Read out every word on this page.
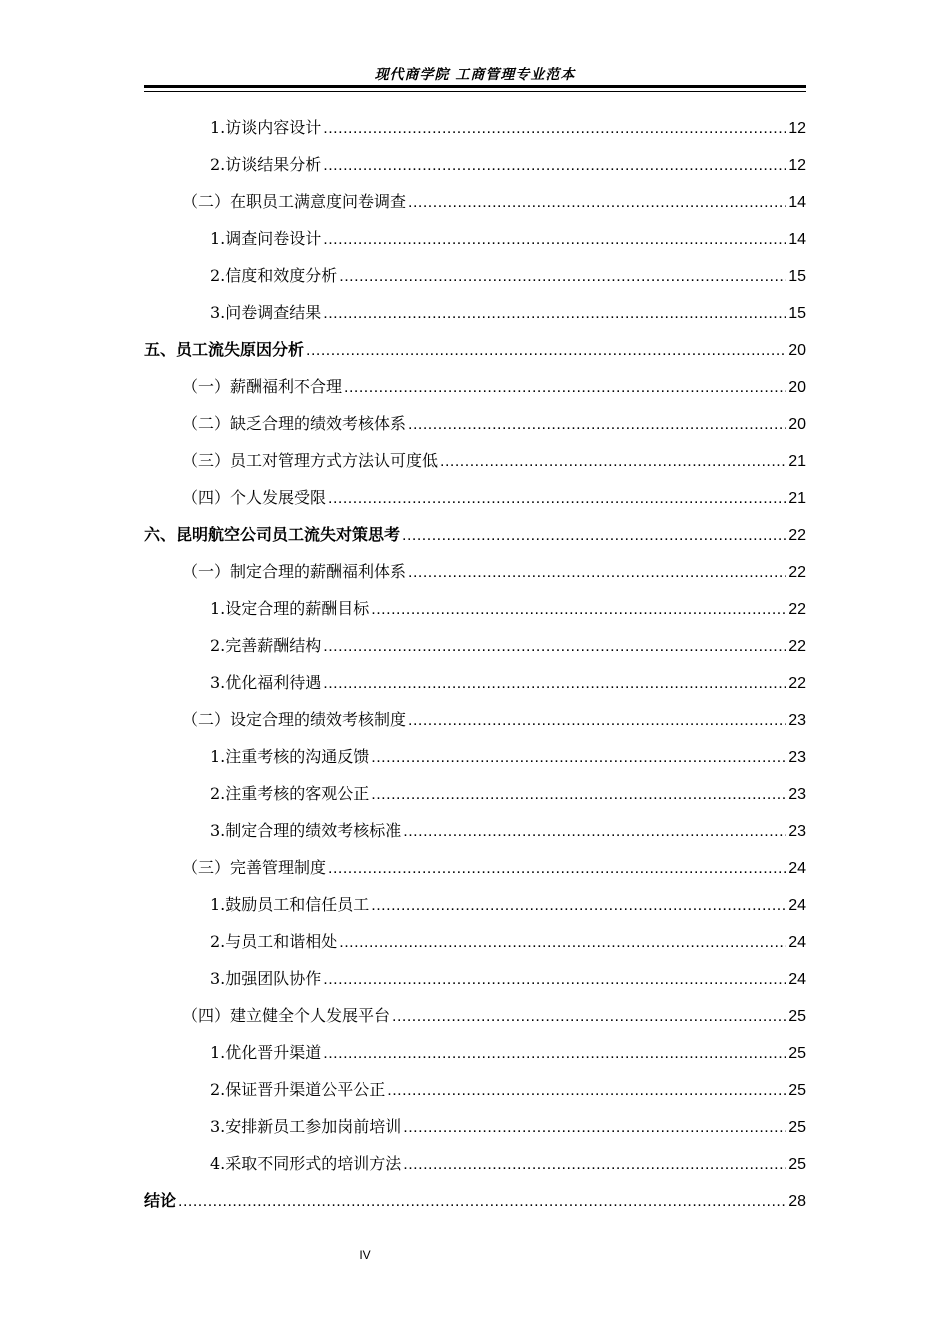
现代商学院 工商管理专业范本
1.访谈内容设计 .....	12
2.访谈结果分析 .....	12
（二）在职员工满意度问卷调查 .....	14
1.调查问卷设计 .....	14
2.信度和效度分析 .....	15
3.问卷调查结果 .....	15
五、员工流失原因分析 .....	20
（一）薪酬福利不合理 .....	20
（二）缺乏合理的绩效考核体系 .....	20
（三）员工对管理方式方法认可度低 .....	21
（四）个人发展受限 .....	21
六、昆明航空公司员工流失对策思考 .....	22
（一）制定合理的薪酬福利体系 .....	22
1.设定合理的薪酬目标 .....	22
2.完善薪酬结构 .....	22
3.优化福利待遇 .....	22
（二）设定合理的绩效考核制度 .....	23
1.注重考核的沟通反馈 .....	23
2.注重考核的客观公正 .....	23
3.制定合理的绩效考核标准 .....	23
（三）完善管理制度 .....	24
1.鼓励员工和信任员工 .....	24
2.与员工和谐相处 .....	24
3.加强团队协作 .....	24
（四）建立健全个人发展平台 .....	25
1.优化晋升渠道 .....	25
2.保证晋升渠道公平公正 .....	25
3.安排新员工参加岗前培训 .....	25
4.采取不同形式的培训方法 .....	25
结论 .....	28
IV
